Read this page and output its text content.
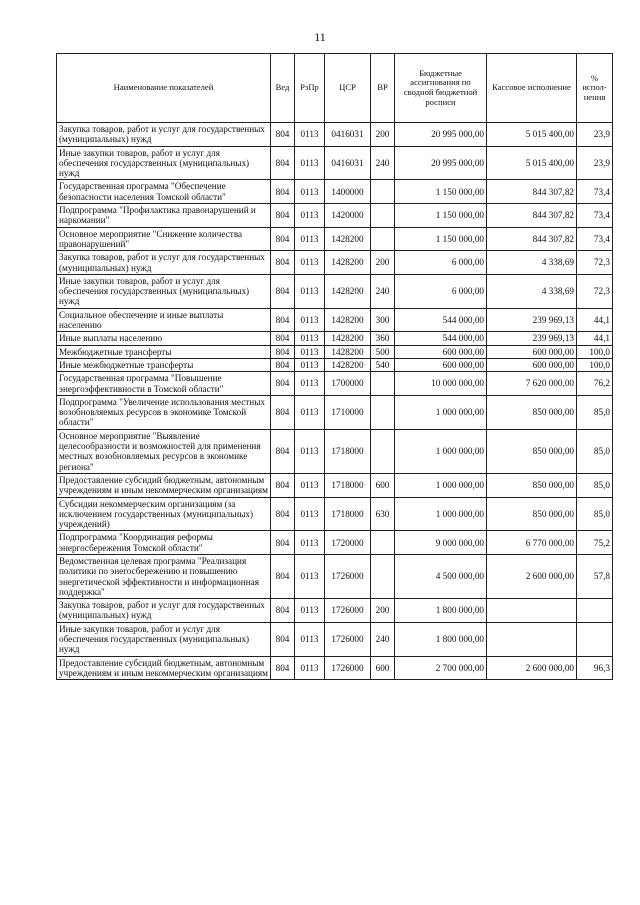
11
Наименование показателей	Вед	РзПр	ЦСР	ВР	Бюджетные ассигнования по сводной бюджетной росписи	Кассовое исполнение	% испол-нения
Закупка товаров, работ и услуг для государственных (муниципальных) нужд	804	0113	0416031	200	20 995 000,00	5 015 400,00	23,9
Иные закупки товаров, работ и услуг для обеспечения государственных (муниципальных) нужд	804	0113	0416031	240	20 995 000,00	5 015 400,00	23,9
Государственная программа "Обеспечение безопасности населения Томской области"	804	0113	1400000		1 150 000,00	844 307,82	73,4
Подпрограмма "Профилактика правонарушений и наркомании"	804	0113	1420000		1 150 000,00	844 307,82	73,4
Основное мероприятие "Снижение количества правонарушений"	804	0113	1428200		1 150 000,00	844 307,82	73,4
Закупка товаров, работ и услуг для государственных (муниципальных) нужд	804	0113	1428200	200	6 000,00	4 338,69	72,3
Иные закупки товаров, работ и услуг для обеспечения государственных (муниципальных) нужд	804	0113	1428200	240	6 000,00	4 338,69	72,3
Социальное обеспечение и иные выплаты населению	804	0113	1428200	300	544 000,00	239 969,13	44,1
Иные выплаты населению	804	0113	1428200	360	544 000,00	239 969,13	44,1
Межбюджетные трансферты	804	0113	1428200	500	600 000,00	600 000,00	100,0
Иные межбюджетные трансферты	804	0113	1428200	540	600 000,00	600 000,00	100,0
Государственная программа "Повышение энергоэффективности в Томской области"	804	0113	1700000		10 000 000,00	7 620 000,00	76,2
Подпрограмма "Увеличение использования местных возобновляемых ресурсов в экономике Томской области"	804	0113	1710000		1 000 000,00	850 000,00	85,0
Основное мероприятие "Выявление целесообразности и возможностей для применения местных возобновляемых ресурсов в экономике региона"	804	0113	1718000		1 000 000,00	850 000,00	85,0
Предоставление субсидий бюджетным, автономным учреждениям и иным некоммерческим организациям	804	0113	1718000	600	1 000 000,00	850 000,00	85,0
Субсидии некоммерческим организациям (за исключением государственных (муниципальных) учреждений)	804	0113	1718000	630	1 000 000,00	850 000,00	85,0
Подпрограмма "Координация реформы энергосбережения Томской области"	804	0113	1720000		9 000 000,00	6 770 000,00	75,2
Ведомственная целевая программа "Реализация политики по энегосбережению и повышению энергетической эффективности и информационная поддержка"	804	0113	1726000		4 500 000,00	2 600 000,00	57,8
Закупка товаров, работ и услуг для государственных (муниципальных) нужд	804	0113	1726000	200	1 800 000,00		
Иные закупки товаров, работ и услуг для обеспечения государственных (муниципальных) нужд	804	0113	1726000	240	1 800 000,00		
Предоставление субсидий бюджетным, автономным учреждениям и иным некоммерческим организациям	804	0113	1726000	600	2 700 000,00	2 600 000,00	96,3
